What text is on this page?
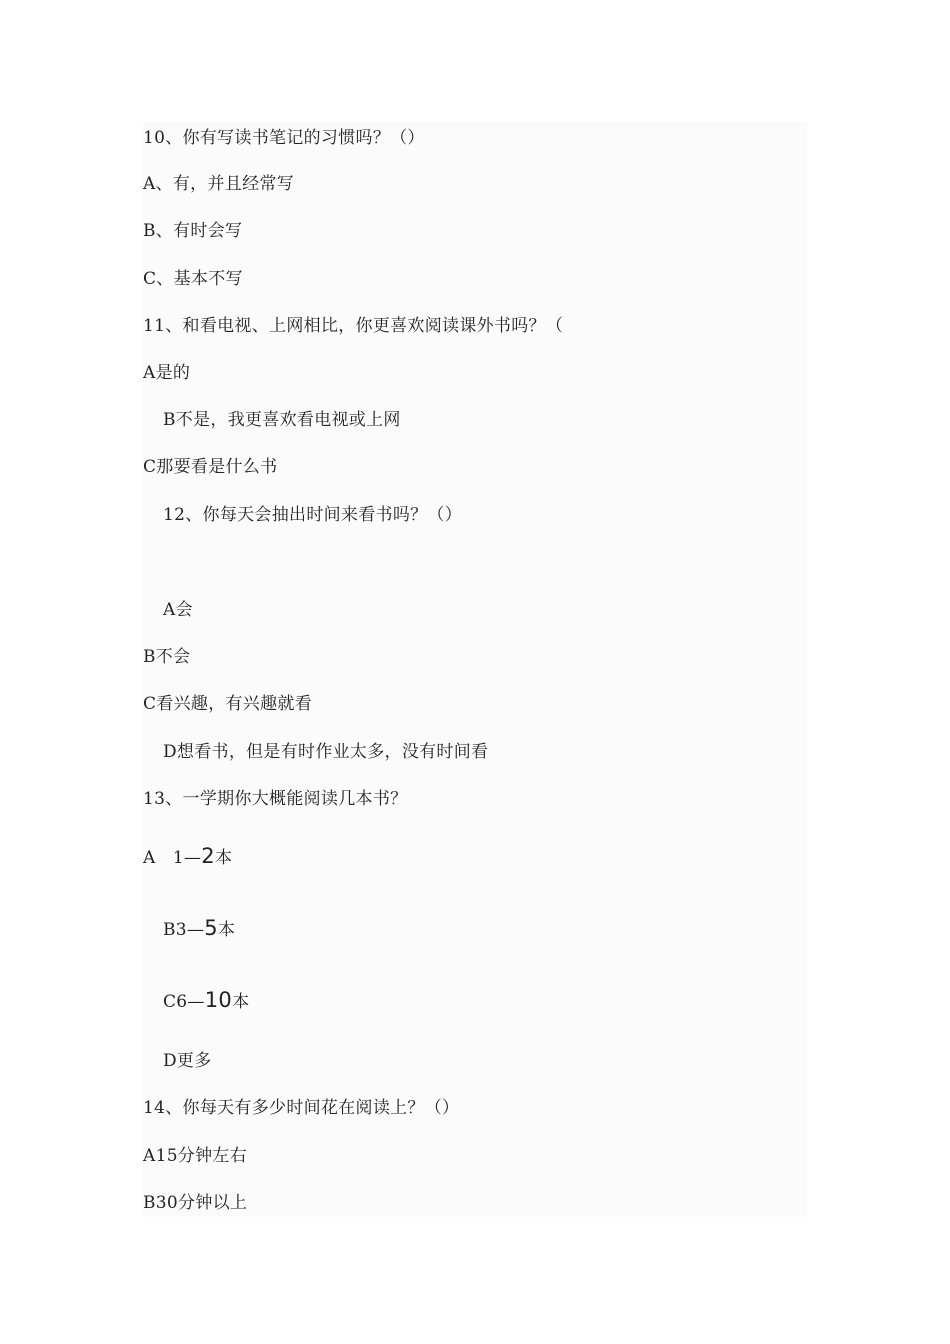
10、你有写读书笔记的习惯吗？（）
A、有，并且经常写
B、有时会写
C、基本不写
11、和看电视、上网相比，你更喜欢阅读课外书吗？（
A是的
B不是，我更喜欢看电视或上网
C那要看是什么书
12、你每天会抽出时间来看书吗？（）
A会
B不会
C看兴趣，有兴趣就看
D想看书，但是有时作业太多，没有时间看
13、一学期你大概能阅读几本书？
A　1—2本
B3—5本
C6—10本
D更多
14、你每天有多少时间花在阅读上？（）
A15分钟左右
B30分钟以上
